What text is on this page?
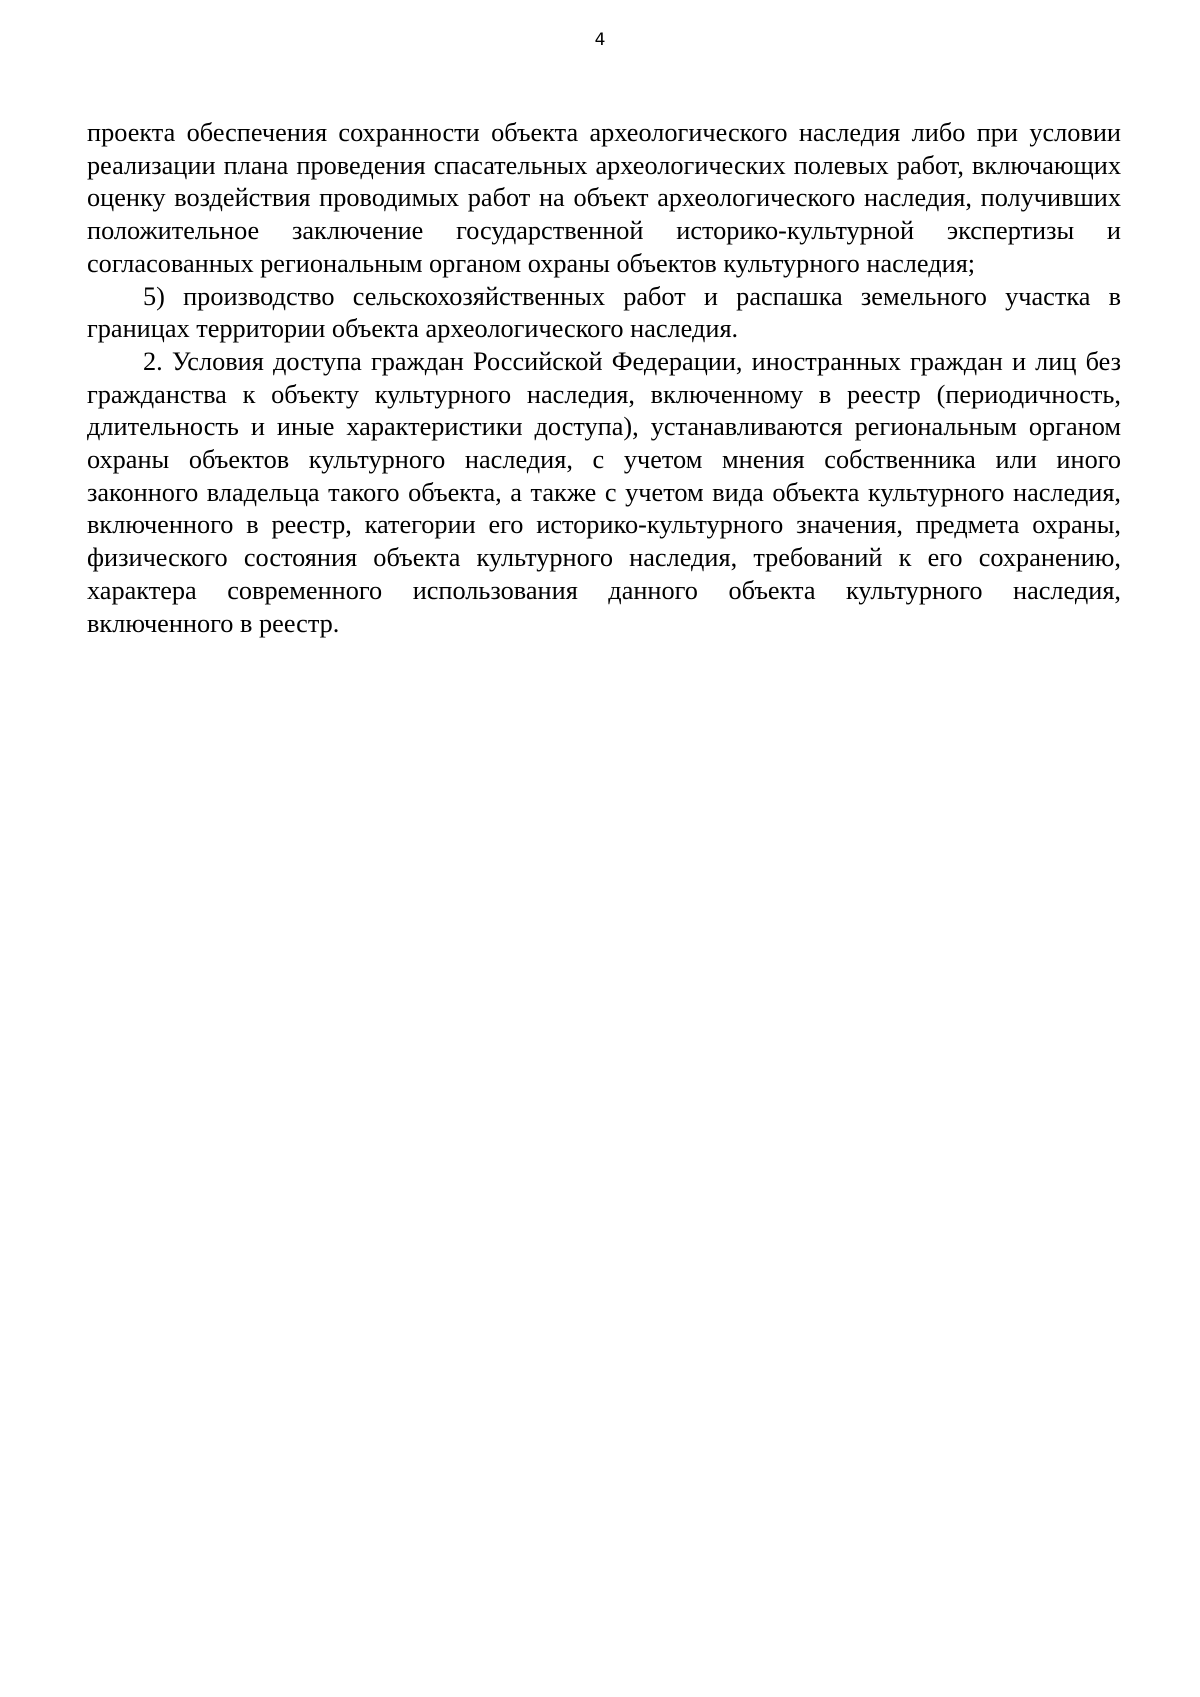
4

проекта обеспечения сохранности объекта археологического наследия либо при условии реализации плана проведения спасательных археологических полевых работ, включающих оценку воздействия проводимых работ на объект археологического наследия, получивших положительное заключение государственной историко-культурной экспертизы и согласованных региональным органом охраны объектов культурного наследия;

5) производство сельскохозяйственных работ и распашка земельного участка в границах территории объекта археологического наследия.

2. Условия доступа граждан Российской Федерации, иностранных граждан и лиц без гражданства к объекту культурного наследия, включенному в реестр (периодичность, длительность и иные характеристики доступа), устанавливаются региональным органом охраны объектов культурного наследия, с учетом мнения собственника или иного законного владельца такого объекта, а также с учетом вида объекта культурного наследия, включенного в реестр, категории его историко-культурного значения, предмета охраны, физического состояния объекта культурного наследия, требований к его сохранению, характера современного использования данного объекта культурного наследия, включенного в реестр.
